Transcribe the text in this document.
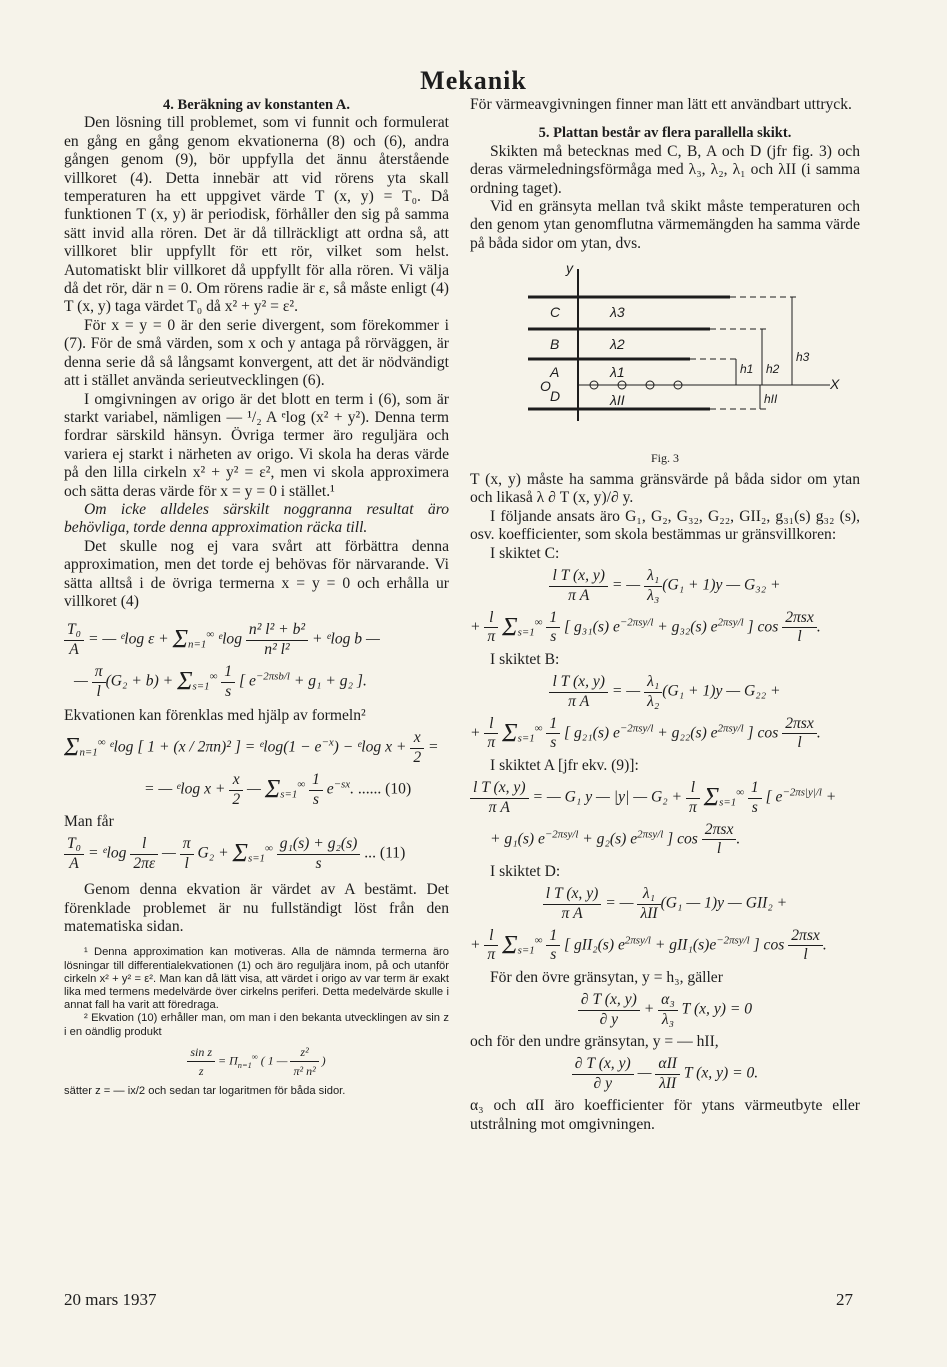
Mekanik
4. Beräkning av konstanten A.

Den lösning till problemet, som vi funnit och formulerat en gång en gång genom ekvationerna (8) och (6), andra gången genom (9), bör uppfylla det ännu återstående villkoret (4). Detta innebär att vid rörens yta skall temperaturen ha ett uppgivet värde T (x, y) = T₀. Då funktionen T (x, y) är periodisk, förhåller den sig på samma sätt invid alla rören. Det är då tillräckligt att ordna så, att villkoret blir uppfyllt för ett rör, vilket som helst. Automatiskt blir villkoret då uppfyllt för alla rören. Vi välja då det rör, där n = 0. Om rörens radie är ε, så måste enligt (4) T (x, y) taga värdet T₀ då x² + y² = ε².

För x = y = 0 är den serie divergent, som förekommer i (7). För de små värden, som x och y antaga på rörväggen, är denna serie då så långsamt konvergent, att det är nödvändigt att i stället använda serieutvecklingen (6).

I omgivningen av origo är det blott en term i (6), som är starkt variabel, nämligen — ¹/₂ A ᵉlog (x² + y²). Denna term fordrar särskild hänsyn. Övriga termer äro reguljära och variera ej starkt i närheten av origo. Vi skola ha deras värde på den lilla cirkeln x² + y² = ε², men vi skola approximera och sätta deras värde för x = y = 0 i stället.¹

Om icke alldeles särskilt noggranna resultat äro behövliga, torde denna approximation räcka till.

Det skulle nog ej vara svårt att förbättra denna approximation, men det torde ej behövas för närvarande. Vi sätta alltså i de övriga termerna x = y = 0 och erhålla ur villkoret (4)

$\frac{\text{T₀}}{A}$ = — ᵉlog $\varepsilon + \Sigma_{n=1}^\infty$ ᵉlog $\frac{\text{n² l² + b²}}{\text{n² l²}}$ + ᵉlog b —
— $\frac{\pi}{l} (G_2 + b) + \Sigma_{s=1}^\infty \frac{1}{s}$ [ $e^{-2\pi sb/l} + g_1 + g_2$ ].

Ekvationen kan förenklas med hjälp av formeln²

$\Sigma_{n=1}^\infty$ ᵉlog [ 1 + (x / 2πn)² ] = ᵉlog(1 − $e^{-x}$) − ᵉlog $x + \frac{x}{2}$ =
= — ᵉlog $x + \frac{x}{2}$ — $\Sigma_{s=1}^\infty \frac{1}{s} e^{-sx}$. ...... (10)

Man får

$\frac{\text{T₀}}{A}$ = ᵉlog $\frac{l}{2\pi\varepsilon}$ — $\frac{\pi}{l} G_2 + \Sigma_{s=1}^\infty \frac{\text{g₁(s) + g₂(s)}}{s}$ ... (11)

Genom denna ekvation är värdet av A bestämt. Det förenklade problemet är nu fullständigt löst från den matematiska sidan.

¹ Denna approximation kan motiveras. Alla de nämnda termerna äro lösningar till differentialekvationen (1) och äro reguljära inom, på och utanför cirkeln x² + y² = ε². Man kan då lätt visa, att värdet i origo av var term är exakt lika med termens medelvärde över cirkelns periferi. Detta medelvärde skulle i annat fall ha varit att föredraga.

² Ekvation (10) erhåller man, om man i den bekanta utvecklingen av sin z i en oändlig produkt

$\frac{\text{sin z}}{z} = \Pi_{n=1}^\infty$ ( 1 — $\frac{\text{z²}}{\text{π² n²}}$ )

sätter z = — ix/2 och sedan tar logaritmen för båda sidor.

För värmeavgivningen finner man lätt ett användbart uttryck.

5. Plattan består av flera parallella skikt.

Skikten må betecknas med C, B, A och D (jfr fig. 3) och deras värmeledningsförmåga med λ₃, λ₂, λ₁ och λII (i samma ordning taget).

Vid en gränsyta mellan två skikt måste temperaturen och den genom ytan genomflutna värmemängden ha samma värde på båda sidor om ytan, dvs.

y
X
O
C
B
A
D
λ3
λ2
λ1
λII
h1 h2
h3
hII
Fig. 3

T (x, y) måste ha samma gränsvärde på båda sidor om ytan och likaså λ ∂ T (x, y)/∂ y.

I följande ansats äro G₁, G₂, G₃₂, G₂₂, GII₂, g₃₁(s) g₃₂ (s), osv. koefficienter, som skola bestämmas ur gränsvillkoren:

I skiktet C:

$\frac{\text{l T (x, y)}}{\text{π A}}$ = — $\frac{\text{λ₁}}{\text{λ₃}} (G_1 + 1)y$ — G₃₂ +
+ $\frac{l}{\pi} \Sigma_{s=1}^\infty \frac{1}{s}$ [ g₃₁(s) $e^{-2\pi sy/l} + g_{32}(s)$ $e^{2\pi sy/l}$ ] $\cos \frac{\text{2πsx}}{l}$ .

I skiktet B:

$\frac{\text{l T (x, y)}}{\text{π A}}$ = — $\frac{\text{λ₁}}{\text{λ₂}} (G_1 + 1)y$ — G₂₂ +
+ $\frac{l}{\pi} \Sigma_{s=1}^\infty \frac{1}{s}$ [ g₂₁(s) $e^{-2\pi sy/l} + g_{22}(s)$ $e^{2\pi sy/l}$ ] $\cos \frac{\text{2πsx}}{l}$ .

I skiktet A [jfr ekv. (9)]:

$\frac{\text{l T (x, y)}}{\text{π A}}$ = — G₁ y — |y| — $G_2 + \frac{l}{\pi} \Sigma_{s=1}^\infty \frac{1}{s}$ [ $e^{-2\pi s|y|/l}$ +
+ g₁(s) $e^{-2\pi sy/l} + g_2(s)$ $e^{2\pi sy/l}$ ] $\cos \frac{\text{2πsx}}{l}$ .

I skiktet D:

$\frac{\text{l T (x, y)}}{\text{π A}}$ = — $\frac{\text{λ₁}}{\text{λII}} (G_1$ — 1)y — GII₂ +
+ $\frac{l}{\pi} \Sigma_{s=1}^\infty \frac{1}{s}$ [ gII₂(s) $e^{2\pi sy/l} + gII_1(s)e^{-2\pi sy/l}$ ] $\cos \frac{\text{2πsx}}{l}$ .

För den övre gränsytan, y = h₃, gäller

$\frac{\partial T (x, y)}{\partial y} + \frac{\text{α₃}}{\text{λ₃}}$ T (x, y) = 0

och för den undre gränsytan, y = — hII,

$\frac{\partial T (x, y)}{\partial y}$ — $\frac{\text{αII}}{\text{λII}}$ T (x, y) = 0.

α₃ och αII äro koefficienter för ytans värmeutbyte eller utstrålning mot omgivningen.

20 mars 1937	27
